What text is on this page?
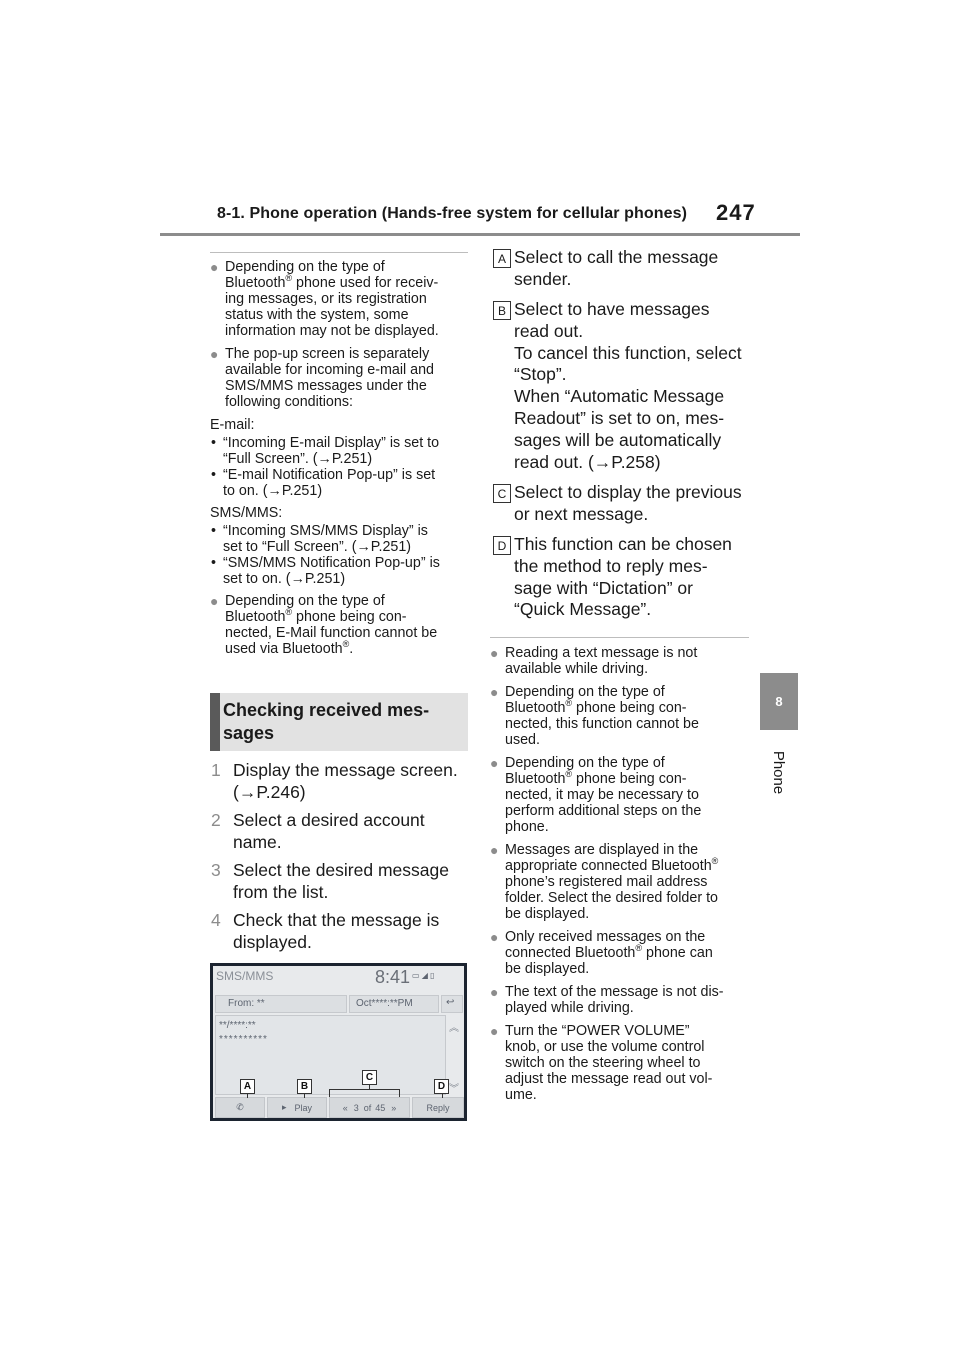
8-1. Phone operation (Hands-free system for cellular phones) 247
8
Phone
● Depending on the type of
Bluetooth® phone used for receiv-
ing messages, or its registration
status with the system, some
information may not be displayed.
● The pop-up screen is separately
available for incoming e-mail and
SMS/MMS messages under the
following conditions:
E-mail:
• “Incoming E-mail Display” is set to
“Full Screen”. (→P.251)
• “E-mail Notification Pop-up” is set
to on. (→P.251)
SMS/MMS:
• “Incoming SMS/MMS Display” is
set to “Full Screen”. (→P.251)
• “SMS/MMS Notification Pop-up” is
set to on. (→P.251)
● Depending on the type of
Bluetooth® phone being con-
nected, E-Mail function cannot be
used via Bluetooth®.
Checking received mes-
sages
1 Display the message screen.
(→P.246)
2 Select a desired account
name.
3 Select the desired message
from the list.
4 Check that the message is
displayed.
SMS/MMS	8:41 ▭ ◢ ▯
From: **	Oct****:**PM	↩
**/****:**
**********
︽
︾
✆	▸ Play	« 3 of 45 »	Reply
A	B
C
D
A Select to call the message
sender.
B Select to have messages
read out.
To cancel this function, select
“Stop”.
When “Automatic Message
Readout” is set to on, mes-
sages will be automatically
read out. (→P.258)
C Select to display the previous
or next message.
D This function can be chosen
the method to reply mes-
sage with “Dictation” or
“Quick Message”.
● Reading a text message is not
available while driving.
● Depending on the type of
Bluetooth® phone being con-
nected, this function cannot be
used.
● Depending on the type of
Bluetooth® phone being con-
nected, it may be necessary to
perform additional steps on the
phone.
● Messages are displayed in the
appropriate connected Bluetooth®
phone’s registered mail address
folder. Select the desired folder to
be displayed.
● Only received messages on the
connected Bluetooth® phone can
be displayed.
● The text of the message is not dis-
played while driving.
● Turn the “POWER VOLUME”
knob, or use the volume control
switch on the steering wheel to
adjust the message read out vol-
ume.
